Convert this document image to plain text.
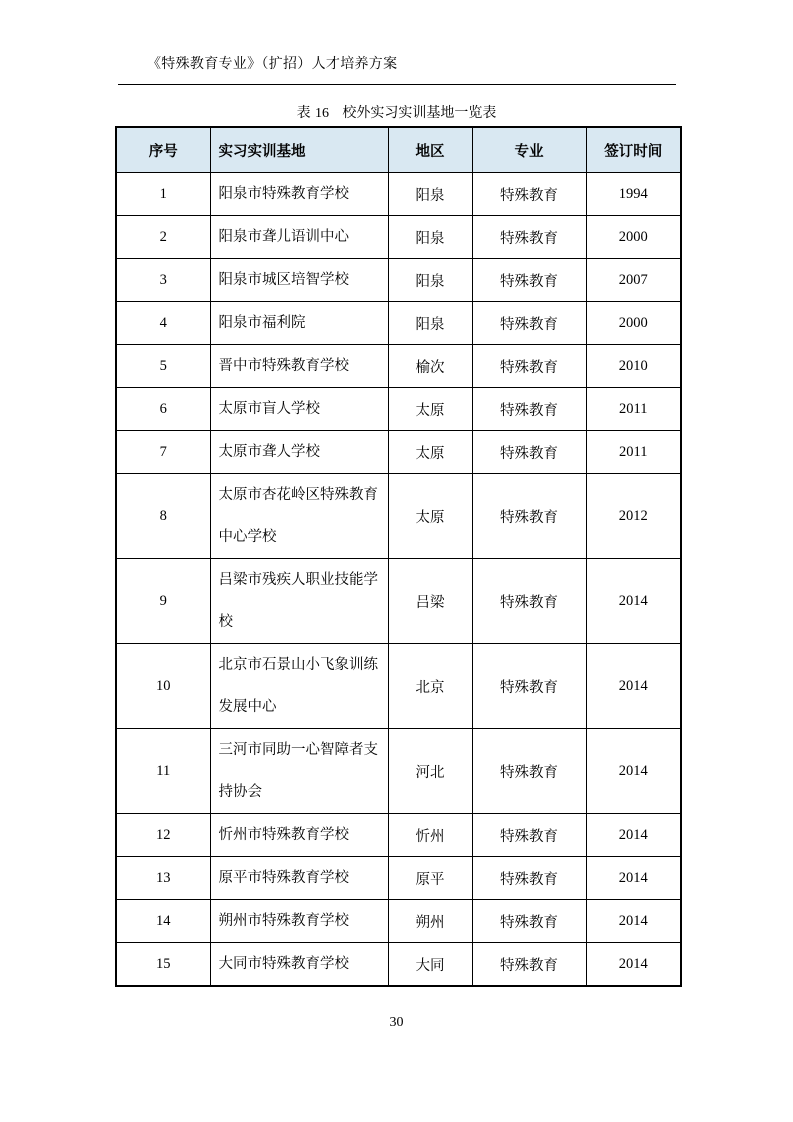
《特殊教育专业》（扩招）人才培养方案
表 16 校外实习实训基地一览表
序号	实习实训基地	地区	专业	签订时间
1	阳泉市特殊教育学校	阳泉	特殊教育	1994
2	阳泉市聋儿语训中心	阳泉	特殊教育	2000
3	阳泉市城区培智学校	阳泉	特殊教育	2007
4	阳泉市福利院	阳泉	特殊教育	2000
5	晋中市特殊教育学校	榆次	特殊教育	2010
6	太原市盲人学校	太原	特殊教育	2011
7	太原市聋人学校	太原	特殊教育	2011
8	太原市杏花岭区特殊教育中心学校	太原	特殊教育	2012
9	吕梁市残疾人职业技能学校	吕梁	特殊教育	2014
10	北京市石景山小飞象训练发展中心	北京	特殊教育	2014
11	三河市同助一心智障者支持协会	河北	特殊教育	2014
12	忻州市特殊教育学校	忻州	特殊教育	2014
13	原平市特殊教育学校	原平	特殊教育	2014
14	朔州市特殊教育学校	朔州	特殊教育	2014
15	大同市特殊教育学校	大同	特殊教育	2014
30
